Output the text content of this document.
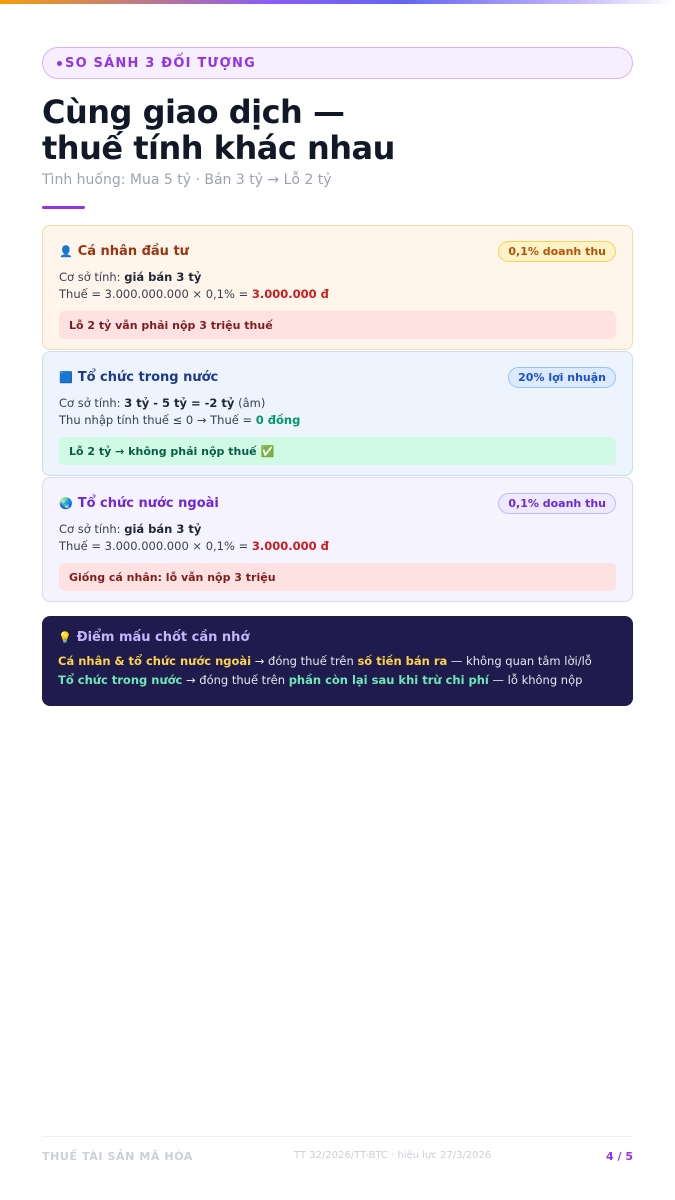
SO SÁNH 3 ĐỐI TƯỢNG
Cùng giao dịch —
thuế tính khác nhau
Tình huống: Mua 5 tỷ · Bán 3 tỷ → Lỗ 2 tỷ
👤 Cá nhân đầu tư	0,1% doanh thu
Cơ sở tính: giá bán 3 tỷ
Thuế = 3.000.000.000 × 0,1% = 3.000.000 đ
Lỗ 2 tỷ vẫn phải nộp 3 triệu thuế
🟦 Tổ chức trong nước	20% lợi nhuận
Cơ sở tính: 3 tỷ - 5 tỷ = -2 tỷ (âm)
Thu nhập tính thuế ≤ 0 → Thuế = 0 đồng
Lỗ 2 tỷ → không phải nộp thuế ✅
🌏 Tổ chức nước ngoài	0,1% doanh thu
Cơ sở tính: giá bán 3 tỷ
Thuế = 3.000.000.000 × 0,1% = 3.000.000 đ
Giống cá nhân: lỗ vẫn nộp 3 triệu
💡 Điểm mấu chốt cần nhớ
Cá nhân & tổ chức nước ngoài → đóng thuế trên số tiền bán ra — không quan tâm lời/lỗ
Tổ chức trong nước → đóng thuế trên phần còn lại sau khi trừ chi phí — lỗ không nộp
THUẾ TÀI SẢN MÃ HÓA	TT 32/2026/TT-BTC · hiệu lực 27/3/2026	4 / 5
